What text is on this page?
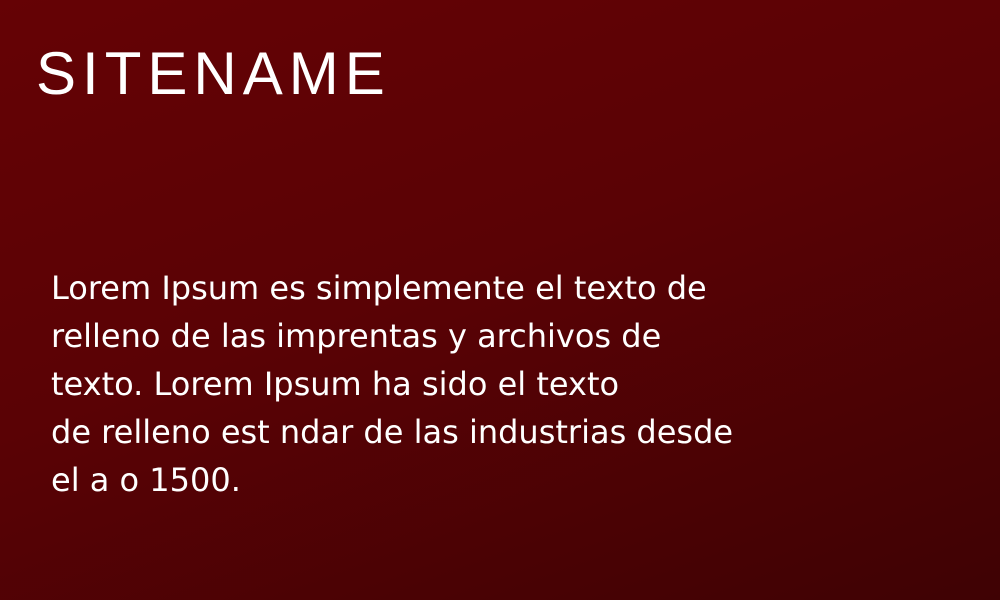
SITENAME
Lorem Ipsum es simplemente el texto de
relleno de las imprentas y archivos de
texto. Lorem Ipsum ha sido el texto
de relleno est ndar de las industrias desde
el a o 1500.
